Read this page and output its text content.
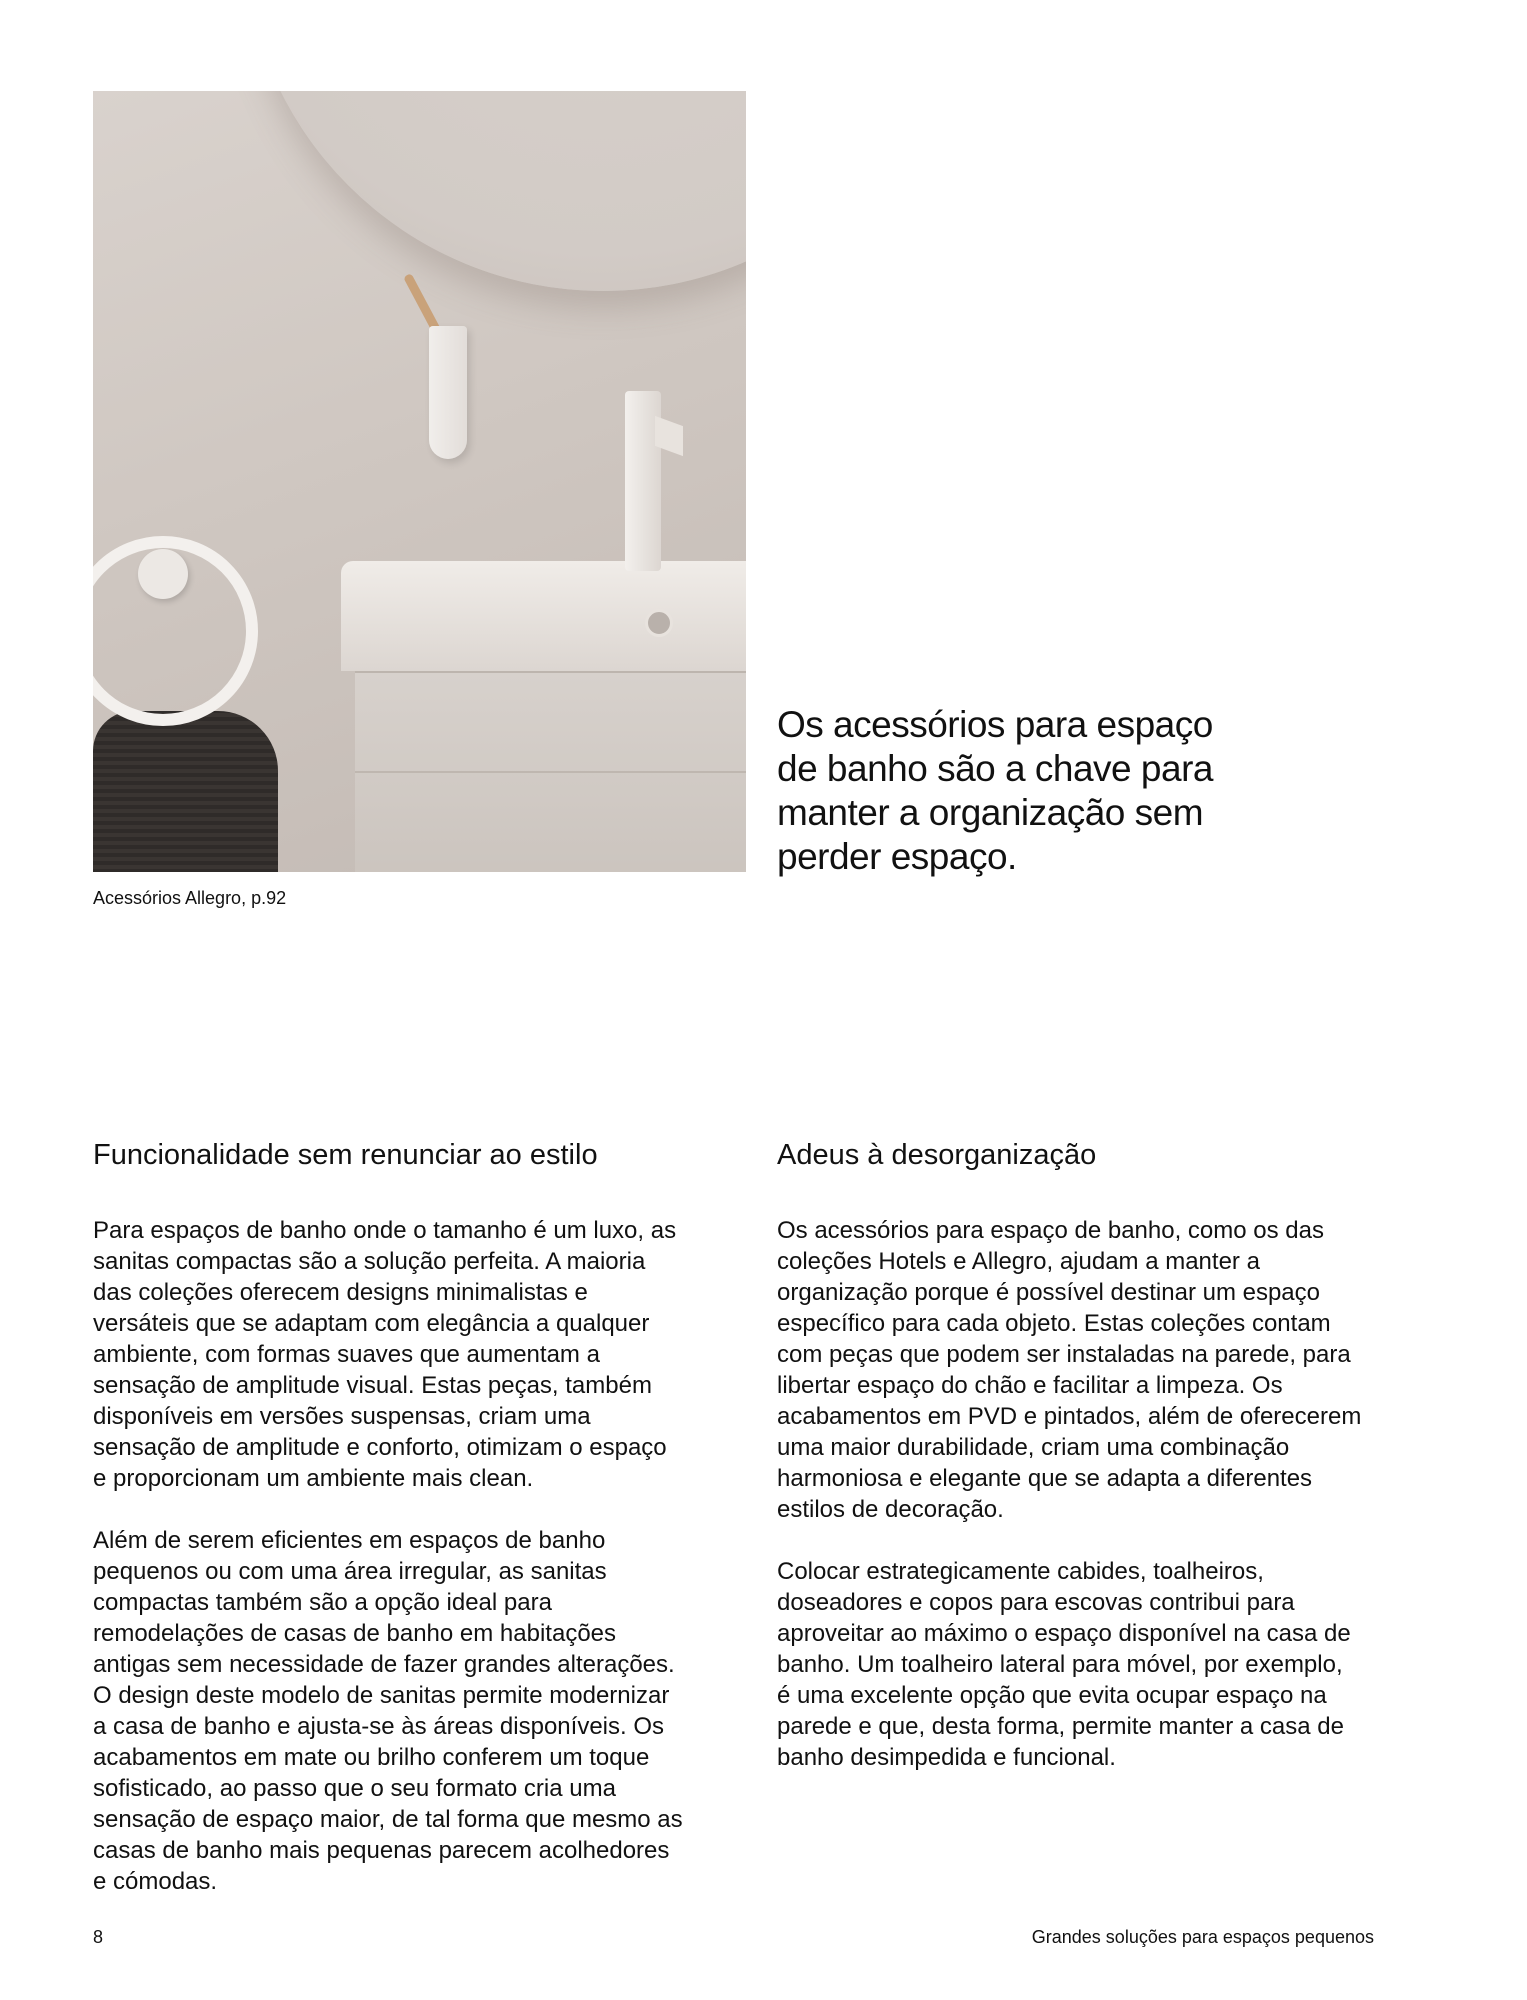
Acessórios Allegro, p.92
Os acessórios para espaço
de banho são a chave para
manter a organização sem
perder espaço.
Funcionalidade sem renunciar ao estilo	Adeus à desorganização
Para espaços de banho onde o tamanho é um luxo, as
sanitas compactas são a solução perfeita. A maioria
das coleções oferecem designs minimalistas e
versáteis que se adaptam com elegância a qualquer
ambiente, com formas suaves que aumentam a
sensação de amplitude visual. Estas peças, também
disponíveis em versões suspensas, criam uma
sensação de amplitude e conforto, otimizam o espaço
e proporcionam um ambiente mais clean.
Além de serem eficientes em espaços de banho
pequenos ou com uma área irregular, as sanitas
compactas também são a opção ideal para
remodelações de casas de banho em habitações
antigas sem necessidade de fazer grandes alterações.
O design deste modelo de sanitas permite modernizar
a casa de banho e ajusta-se às áreas disponíveis. Os
acabamentos em mate ou brilho conferem um toque
sofisticado, ao passo que o seu formato cria uma
sensação de espaço maior, de tal forma que mesmo as
casas de banho mais pequenas parecem acolhedores
e cómodas.
Os acessórios para espaço de banho, como os das
coleções Hotels e Allegro, ajudam a manter a
organização porque é possível destinar um espaço
específico para cada objeto. Estas coleções contam
com peças que podem ser instaladas na parede, para
libertar espaço do chão e facilitar a limpeza. Os
acabamentos em PVD e pintados, além de oferecerem
uma maior durabilidade, criam uma combinação
harmoniosa e elegante que se adapta a diferentes
estilos de decoração.
Colocar estrategicamente cabides, toalheiros,
doseadores e copos para escovas contribui para
aproveitar ao máximo o espaço disponível na casa de
banho. Um toalheiro lateral para móvel, por exemplo,
é uma excelente opção que evita ocupar espaço na
parede e que, desta forma, permite manter a casa de
banho desimpedida e funcional.
8	Grandes soluções para espaços pequenos
